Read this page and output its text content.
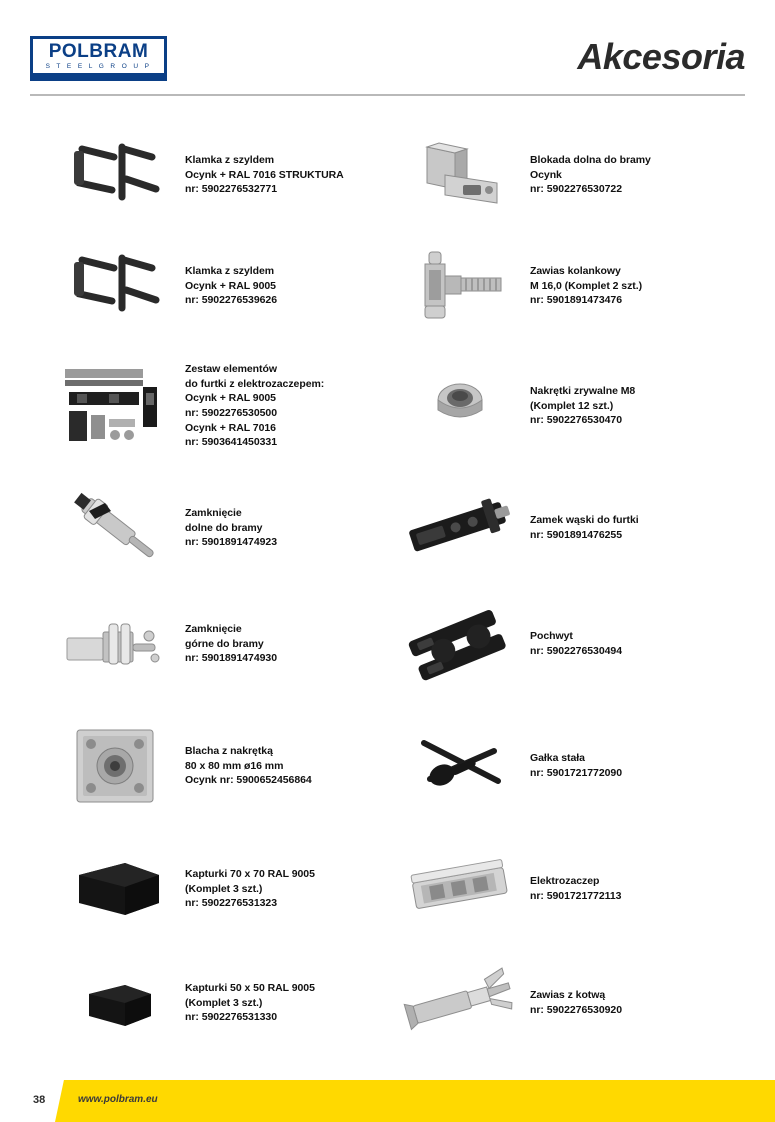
POLBRAM
S T E E L G R O U P	Akcesoria
Klamka z szyldem
Ocynk + RAL 7016 STRUKTURA
nr: 5902276532771
Klamka z szyldem
Ocynk + RAL 9005
nr: 5902276539626
Zestaw elementów
do furtki z elektrozaczepem:
Ocynk + RAL 9005
nr: 5902276530500
Ocynk + RAL 7016
nr: 5903641450331
Zamknięcie
dolne do bramy
nr: 5901891474923
Zamknięcie
górne do bramy
nr: 5901891474930
Blacha z nakrętką
80 x 80 mm ø16 mm
Ocynk nr: 5900652456864
Kapturki 70 x 70 RAL 9005
(Komplet 3 szt.)
nr: 5902276531323
Kapturki 50 x 50 RAL 9005
(Komplet 3 szt.)
nr: 5902276531330
Blokada dolna do bramy
Ocynk
nr: 5902276530722
Zawias kolankowy
M 16,0 (Komplet 2 szt.)
nr: 5901891473476
Nakrętki zrywalne M8
(Komplet 12 szt.)
nr: 5902276530470
Zamek wąski do furtki
nr: 5901891476255
Pochwyt
nr: 5902276530494
Gałka stała
nr: 5901721772090
Elektrozaczep
nr: 5901721772113
Zawias z kotwą
nr: 5902276530920
38	www.polbram.eu
